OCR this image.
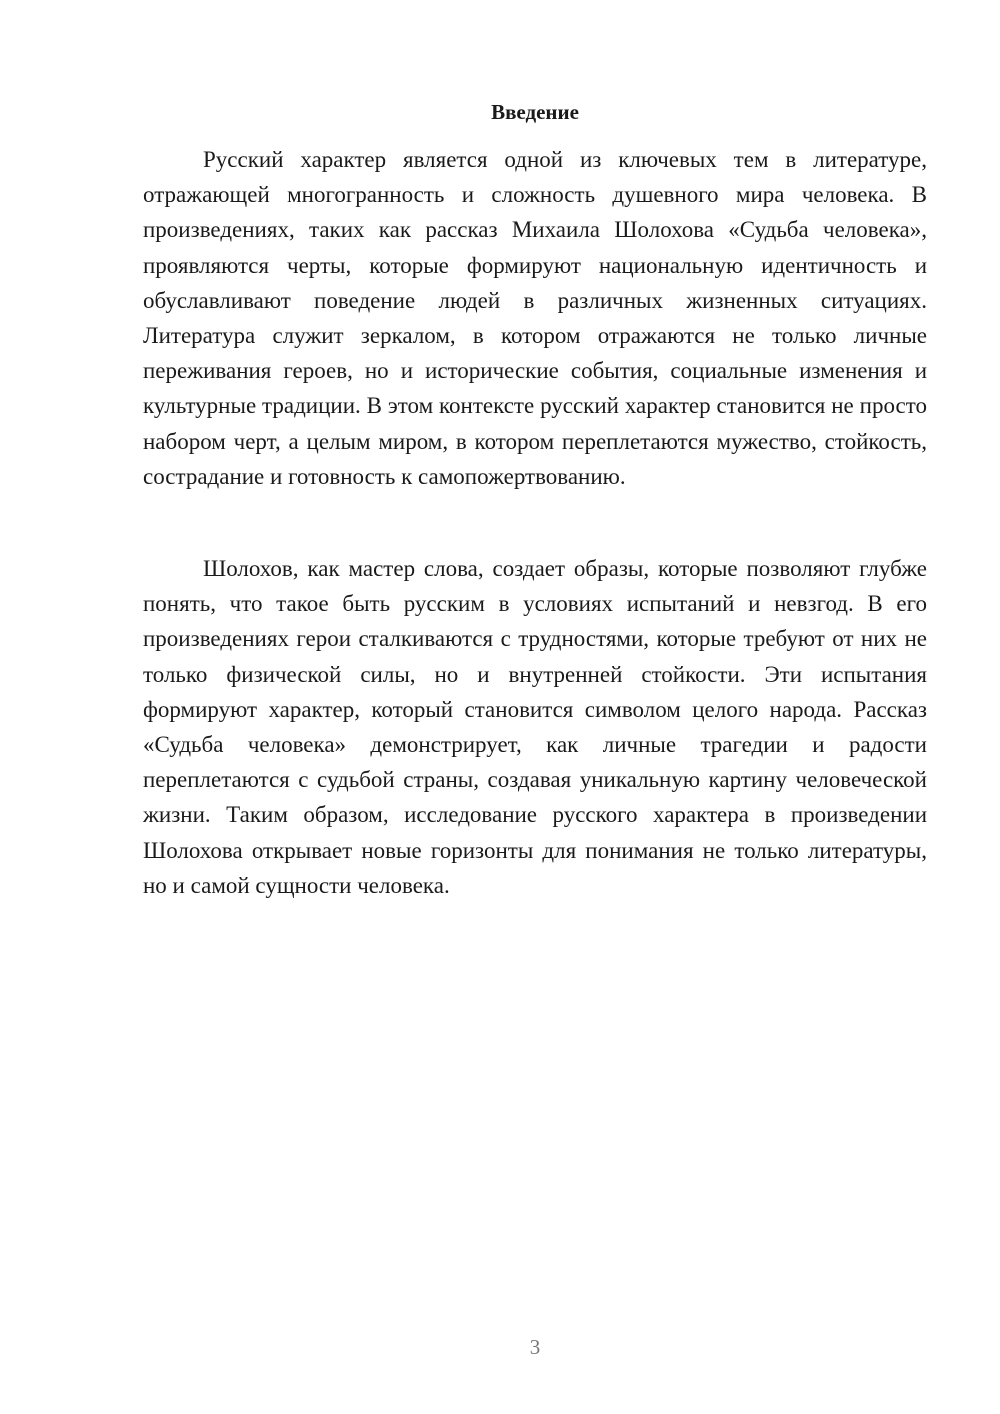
Введение

Русский характер является одной из ключевых тем в литературе, отражающей многогранность и сложность душевного мира человека. В произведениях, таких как рассказ Михаила Шолохова «Судьба человека», проявляются черты, которые формируют национальную идентичность и обуславливают поведение людей в различных жизненных ситуациях. Литература служит зеркалом, в котором отражаются не только личные переживания героев, но и исторические события, социальные изменения и культурные традиции. В этом контексте русский характер становится не просто набором черт, а целым миром, в котором переплетаются мужество, стойкость, сострадание и готовность к самопожертвованию.

Шолохов, как мастер слова, создает образы, которые позволяют глубже понять, что такое быть русским в условиях испытаний и невзгод. В его произведениях герои сталкиваются с трудностями, которые требуют от них не только физической силы, но и внутренней стойкости. Эти испытания формируют характер, который становится символом целого народа. Рассказ «Судьба человека» демонстрирует, как личные трагедии и радости переплетаются с судьбой страны, создавая уникальную картину человеческой жизни. Таким образом, исследование русского характера в произведении Шолохова открывает новые горизонты для понимания не только литературы, но и самой сущности человека.

3
